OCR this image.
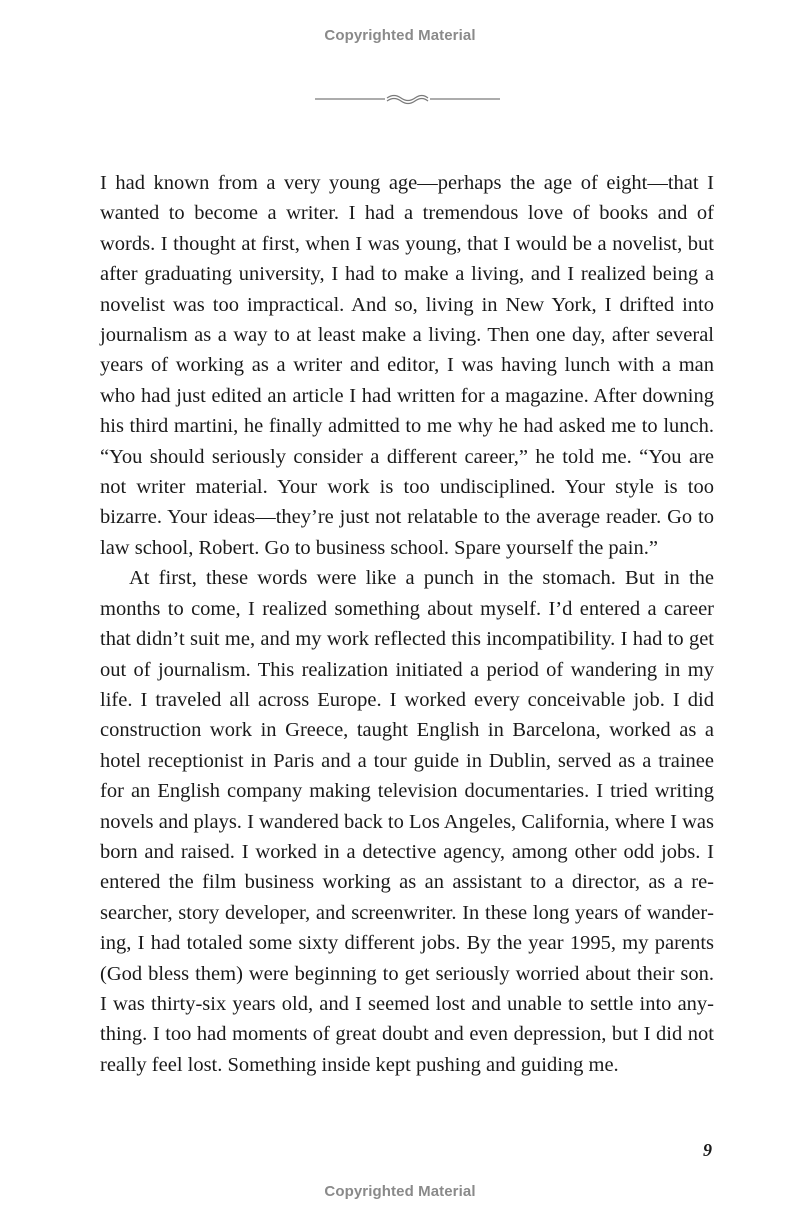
Copyrighted Material

I had known from a very young age—perhaps the age of eight—that I wanted to become a writer. I had a tremendous love of books and of words. I thought at first, when I was young, that I would be a novelist, but after graduating university, I had to make a living, and I realized being a novelist was too impractical. And so, living in New York, I drifted into journalism as a way to at least make a living. Then one day, after several years of working as a writer and editor, I was having lunch with a man who had just edited an article I had written for a magazine. After downing his third martini, he finally admitted to me why he had asked me to lunch. “You should seriously consider a different career,” he told me. “You are not writer material. Your work is too undisciplined. Your style is too bizarre. Your ideas—they’re just not relatable to the average reader. Go to law school, Robert. Go to business school. Spare yourself the pain.”

At first, these words were like a punch in the stomach. But in the months to come, I realized something about myself. I’d entered a career that didn’t suit me, and my work reflected this incompatibility. I had to get out of journalism. This realization initiated a period of wandering in my life. I traveled all across Europe. I worked every conceivable job. I did construction work in Greece, taught English in Barcelona, worked as a hotel receptionist in Paris and a tour guide in Dublin, served as a trainee for an English company making television documentaries. I tried writing novels and plays. I wandered back to Los Angeles, California, where I was born and raised. I worked in a detective agency, among other odd jobs. I entered the film business working as an assistant to a director, as a researcher, story developer, and screenwriter. In these long years of wandering, I had totaled some sixty different jobs. By the year 1995, my parents (God bless them) were beginning to get seriously worried about their son. I was thirty-six years old, and I seemed lost and unable to settle into anything. I too had moments of great doubt and even depression, but I did not really feel lost. Something inside kept pushing and guiding me.

9
Copyrighted Material
